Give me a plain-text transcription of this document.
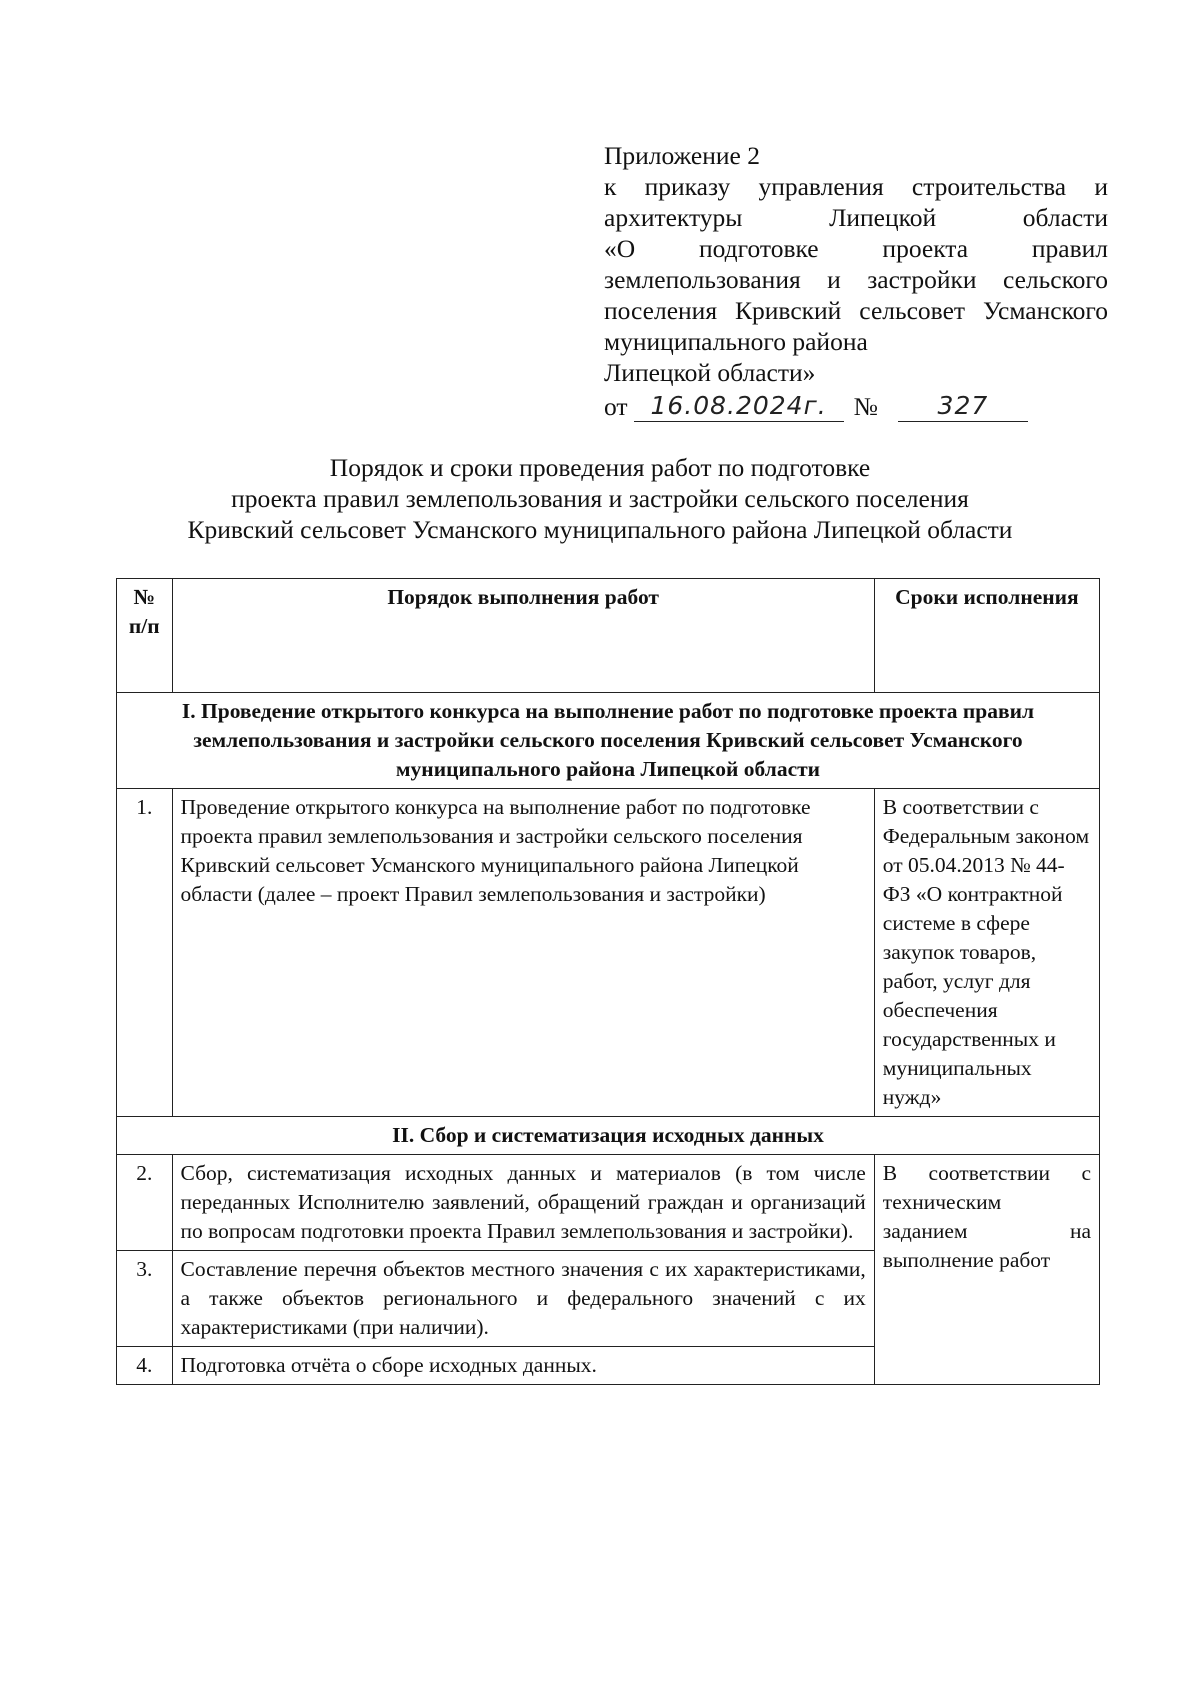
Приложение 2
к приказу управления строительства и
архитектуры Липецкой области
«О подготовке проекта правил
землепользования и застройки сельского
поселения Кривский сельсовет Усманского
муниципального района
Липецкой области»
от 16.08.2024г.	№	327
Порядок и сроки проведения работ по подготовке
проекта правил землепользования и застройки сельского поселения
Кривский сельсовет Усманского муниципального района Липецкой области
№ п/п	Порядок выполнения работ	Сроки исполнения
I. Проведение открытого конкурса на выполнение работ по подготовке проекта правил землепользования и застройки сельского поселения Кривский сельсовет Усманского муниципального района Липецкой области		
1.	Проведение открытого конкурса на выполнение работ по подготовке проекта правил землепользования и застройки сельского поселения Кривский сельсовет Усманского муниципального района Липецкой области (далее – проект Правил землепользования и застройки)	В соответствии с Федеральным законом от 05.04.2013 № 44-ФЗ «О контрактной системе в сфере закупок товаров, работ, услуг для обеспечения государственных и муниципальных нужд»
II. Сбор и систематизация исходных данных		
2.	Сбор, систематизация исходных данных и материалов (в том числе переданных Исполнителю заявлений, обращений граждан и организаций по вопросам подготовки проекта Правил землепользования и застройки).	В соответствии с техническим заданием на выполнение работ
3.	Составление перечня объектов местного значения с их характеристиками, а также объектов регионального и федерального значений с их характеристиками (при наличии).	
4.	Подготовка отчёта о сборе исходных данных.	
